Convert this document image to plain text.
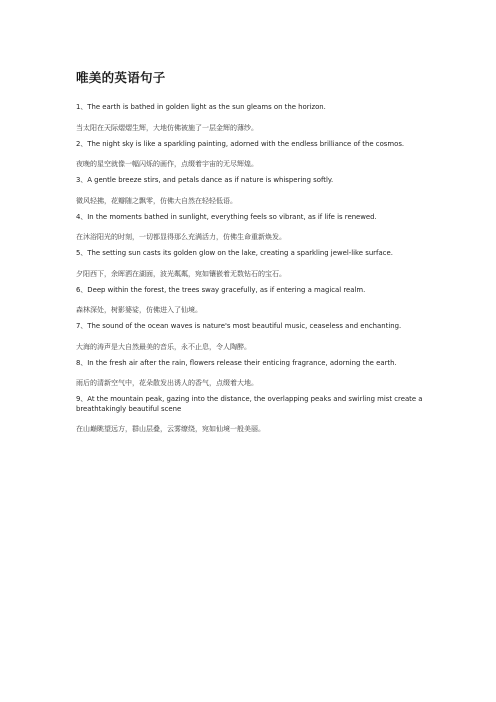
唯美的英语句子
1、The earth is bathed in golden light as the sun gleams on the horizon.
当太阳在天际熠熠生辉，大地仿佛被施了一层金辉的薄纱。
2、The night sky is like a sparkling painting, adorned with the endless brilliance of the cosmos.
夜晚的星空就像一幅闪烁的画作，点缀着宇宙的无尽辉煌。
3、A gentle breeze stirs, and petals dance as if nature is whispering softly.
微风轻拂，花瓣随之飘零，仿佛大自然在轻轻低语。
4、In the moments bathed in sunlight, everything feels so vibrant, as if life is renewed.
在沐浴阳光的时刻，一切都显得那么充满活力，仿佛生命重新焕发。
5、The setting sun casts its golden glow on the lake, creating a sparkling jewel-like surface.
夕阳西下，余晖洒在湖面，波光粼粼，宛如镶嵌着无数钻石的宝石。
6、Deep within the forest, the trees sway gracefully, as if entering a magical realm.
森林深处，树影婆娑，仿佛进入了仙境。
7、The sound of the ocean waves is nature's most beautiful music, ceaseless and enchanting.
大海的涛声是大自然最美的音乐，永不止息，令人陶醉。
8、In the fresh air after the rain, flowers release their enticing fragrance, adorning the earth.
雨后的清新空气中，花朵散发出诱人的香气，点缀着大地。
9、At the mountain peak, gazing into the distance, the overlapping peaks and swirling mist create a breathtakingly beautiful scene
在山巅眺望远方，群山层叠，云雾缭绕，宛如仙境一般美丽。
